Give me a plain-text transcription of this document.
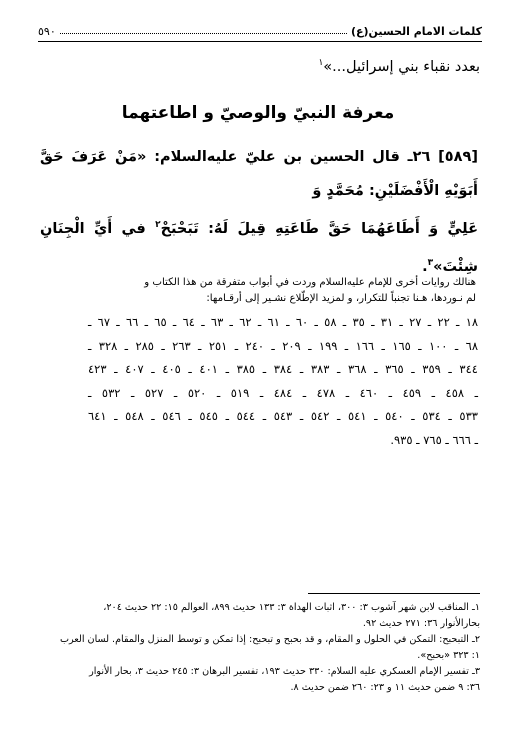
كلمات الامام الحسين(ع)
٥٩٠
بعدد نقباء بني إسرائيل...»$^١$
معرفة النبيّ والوصيّ و اطاعتهما
[٥٨٩] ٢٦ـ قال الحسين بن عليّ عليه‌السلام: «مَنْ عَرَفَ حَقَّ أَبَوَيْهِ الْأَفْضَلَيْنِ: مُحَمَّدٍ وَ
عَلِيٍّ وَ أَطَاعَهُمَا حَقَّ طَاعَتِهِ قِيلَ لَهُ: تَبَحْبَحْ$^٢$ في أَيِّ الْجِنَانِ شِئْتَ»$^٣$.
هنالك روايات أخرى للإمام عليه‌السلام وردت في أبواب متفرقة من هذا الكتاب و
لم نـوردها، هـنا تجنباً للتكرار، و لمزيد الإطّلاع نشـير إلى أرقـامها:
١٨ ـ ٢٢ ـ ٢٧ ـ ٣١ ـ ٣٥ ـ ٥٨ ـ ٦٠ ـ ٦١ ـ ٦٢ ـ ٦٣ ـ ٦٤ ـ ٦٥ ـ ٦٦ ـ ٦٧ ـ
٦٨ ـ ١٠٠ ـ ١٦٥ ـ ١٦٦ ـ ١٩٩ ـ ٢٠٩ ـ ٢٤٠ ـ ٢٥١ ـ ٢٦٣ ـ ٢٨٥ ـ ٣٢٨ ـ
٣٤٤ ـ ٣٥٩ ـ ٣٦٥ ـ ٣٦٨ ـ ٣٨٣ ـ ٣٨٤ ـ ٣٨٥ ـ ٤٠١ ـ ٤٠٥ ـ ٤٠٧ ـ ٤٢٣
ـ ٤٥٨ ـ ٤٥٩ ـ ٤٦٠ ـ ٤٧٨ ـ ٤٨٤ ـ ٥١٩ ـ ٥٢٠ ـ ٥٢٧ ـ ٥٣٢ ـ
٥٣٣ ـ ٥٣٤ ـ ٥٤٠ ـ ٥٤١ ـ ٥٤٢ ـ ٥٤٣ ـ ٥٤٤ ـ ٥٤٥ ـ ٥٤٦ ـ ٥٤٨ ـ ٦٤١
ـ ٦٦٦ ـ ٧٦٥ ـ ٩٣٥.
١ـ المناقب لابن شهر آشوب ٣: ٣٠٠، اثبات الهداة ٣: ١٣٣ حديث ٨٩٩، العوالم ١٥: ٢٢ حديث ٢٠٤،
بحارالأنوار ٣٦: ٢٧١ حديث ٩٢.
٢ـ التبحبح: التمكن في الحلول و المقام، و قد بحبح و تبحبح: إذا تمكن و توسط المنزل والمقام. لسان العرب
١: ٣٢٣ «بحبح».
٣ـ تفسير الإمام العسكري عليه السلام: ٣٣٠ حديث ١٩٣، تفسير البرهان ٣: ٢٤٥ حديث ٣، بحار الأنوار
٣٦: ٩ ضمن حديث ١١ و ٢٣: ٢٦٠ ضمن حديث ٨.
